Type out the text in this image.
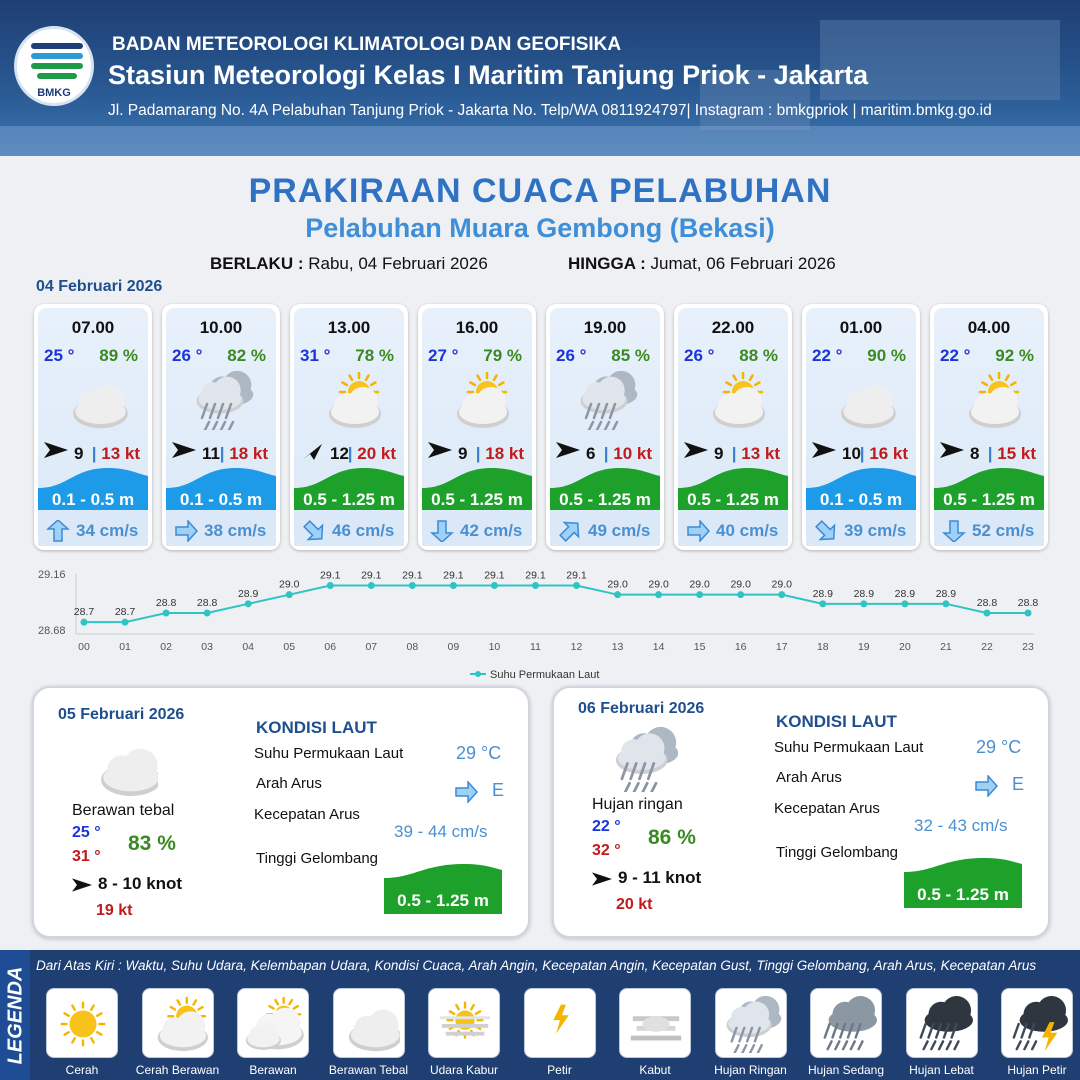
BMKG
BADAN METEOROLOGI KLIMATOLOGI DAN GEOFISIKA
Stasiun Meteorologi Kelas I Maritim Tanjung Priok - Jakarta
Jl. Padamarang No. 4A Pelabuhan Tanjung Priok - Jakarta No. Telp/WA 0811924797| Instagram : bmkgpriok | maritim.bmkg.go.id
PRAKIRAAN CUACA PELABUHAN
Pelabuhan Muara Gembong (Bekasi)
BERLAKU : Rabu, 04 Februari 2026	HINGGA : Jumat, 06 Februari 2026
04 Februari 2026
07.00
25 ° 89 %
9 | 13 kt
0.1 - 0.5 m
34 cm/s
10.00
26 ° 82 %
11 | 18 kt
0.1 - 0.5 m
38 cm/s
13.00
31 ° 78 %
12
| 20 kt
0.5 - 1.25 m
46 cm/s
16.00
27 ° 79 %
9 | 18 kt
0.5 - 1.25 m
42 cm/s
19.00
26 ° 85 %
6 | 10 kt
0.5 - 1.25 m
49 cm/s
22.00
26 ° 88 %
9 | 13 kt
0.5 - 1.25 m
40 cm/s
01.00
22 ° 90 %
10
| 16 kt
0.1 - 0.5 m
39 cm/s
04.00
22 ° 92 %
8 | 15 kt
0.5 - 1.25 m
52 cm/s
29.16
28.68
28.7
00
28.7
01
28.8
02
28.8
03
28.9
04
29.0
05
29.1
06
29.1
07
29.1
08
29.1
09
29.1
10
29.1
11
29.1
12
29.0
13
29.0
14
29.0
15
29.0
16
29.0
17
28.9
18
28.9
19
28.9
20
28.9
21
28.8
22
28.8
23
Suhu Permukaan Laut
05 Februari 2026
Berawan tebal
25 °
31 °
83 %
8 - 10 knot
19 kt
KONDISI LAUT
Suhu Permukaan Laut	29 °C
Arah Arus	E
Kecepatan Arus
39 - 44 cm/s
Tinggi Gelombang
0.5 - 1.25 m
06 Februari 2026
Hujan ringan
22 °
32 °
86 %
9 - 11 knot
20 kt
KONDISI LAUT
Suhu Permukaan Laut	29 °C
Arah Arus	E
Kecepatan Arus
32 - 43 cm/s
Tinggi Gelombang
0.5 - 1.25 m
LEGENDA
Dari Atas Kiri : Waktu, Suhu Udara, Kelembapan Udara, Kondisi Cuaca, Arah Angin, Kecepatan Angin, Kecepatan Gust, Tinggi Gelombang, Arah Arus, Kecepatan Arus
Cerah	Cerah Berawan	Berawan	Berawan Tebal	Udara Kabur	Petir	Kabut	Hujan Ringan	Hujan Sedang	Hujan Lebat	Hujan Petir
